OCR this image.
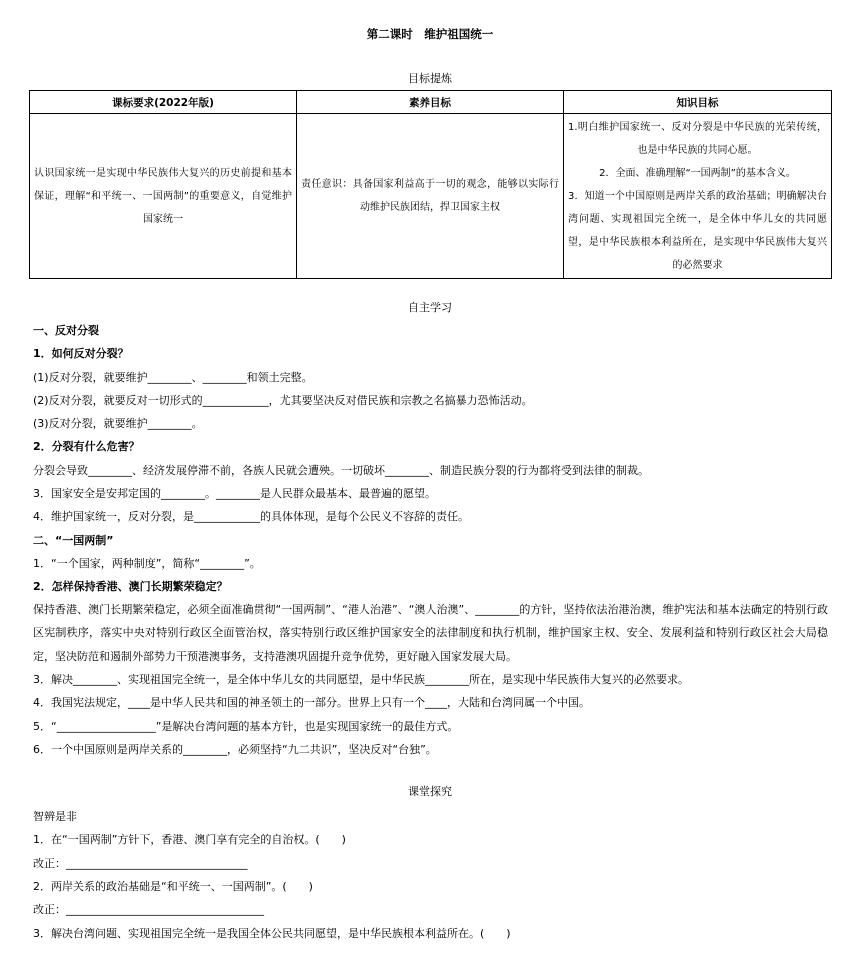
第二课时　维护祖国统一
目标提炼
课标要求(2022年版)	素养目标	知识目标
认识国家统一是实现中华民族伟大复兴的历史前提和基本保证，理解“和平统一、一国两制”的重要意义，自觉维护国家统一	责任意识：具备国家利益高于一切的观念，能够以实际行动维护民族团结，捍卫国家主权	1.明白维护国家统一、反对分裂是中华民族的光荣传统，也是中华民族的共同心愿。
2．全面、准确理解“一国两制”的基本含义。
3．知道一个中国原则是两岸关系的政治基础；明确解决台湾问题、实现祖国完全统一，是全体中华儿女的共同愿望，是中华民族根本利益所在，是实现中华民族伟大复兴的必然要求
自主学习
一、反对分裂
1．如何反对分裂？
(1)反对分裂，就要维护________、________和领土完整。
(2)反对分裂，就要反对一切形式的____________，尤其要坚决反对借民族和宗教之名搞暴力恐怖活动。
(3)反对分裂，就要维护________。
2．分裂有什么危害？
分裂会导致________、经济发展停滞不前，各族人民就会遭殃。一切破坏________、制造民族分裂的行为都将受到法律的制裁。
3．国家安全是安邦定国的________。________是人民群众最基本、最普遍的愿望。
4．维护国家统一，反对分裂，是____________的具体体现，是每个公民义不容辞的责任。
二、“一国两制”
1．“一个国家，两种制度”，简称“________”。
2．怎样保持香港、澳门长期繁荣稳定？
保持香港、澳门长期繁荣稳定，必须全面准确贯彻“一国两制”、“港人治港”、“澳人治澳”、________的方针，坚持依法治港治澳，维护宪法和基本法确定的特别行政区宪制秩序，落实中央对特别行政区全面管治权，落实特别行政区维护国家安全的法律制度和执行机制，维护国家主权、安全、发展利益和特别行政区社会大局稳定，坚决防范和遏制外部势力干预港澳事务，支持港澳巩固提升竞争优势，更好融入国家发展大局。
3．解决________、实现祖国完全统一，是全体中华儿女的共同愿望，是中华民族________所在，是实现中华民族伟大复兴的必然要求。
4．我国宪法规定，____是中华人民共和国的神圣领土的一部分。世界上只有一个____，大陆和台湾同属一个中国。
5．“__________________”是解决台湾问题的基本方针，也是实现国家统一的最佳方式。
6．一个中国原则是两岸关系的________，必须坚持“九二共识”，坚决反对“台独”。
课堂探究
智辨是非
1．在“一国两制”方针下，香港、澳门享有完全的自治权。(　　)
改正：_________________________________
2．两岸关系的政治基础是“和平统一、一国两制”。(　　)
改正：____________________________________
3．解决台湾问题、实现祖国完全统一是我国全体公民共同愿望，是中华民族根本利益所在。(　　)
